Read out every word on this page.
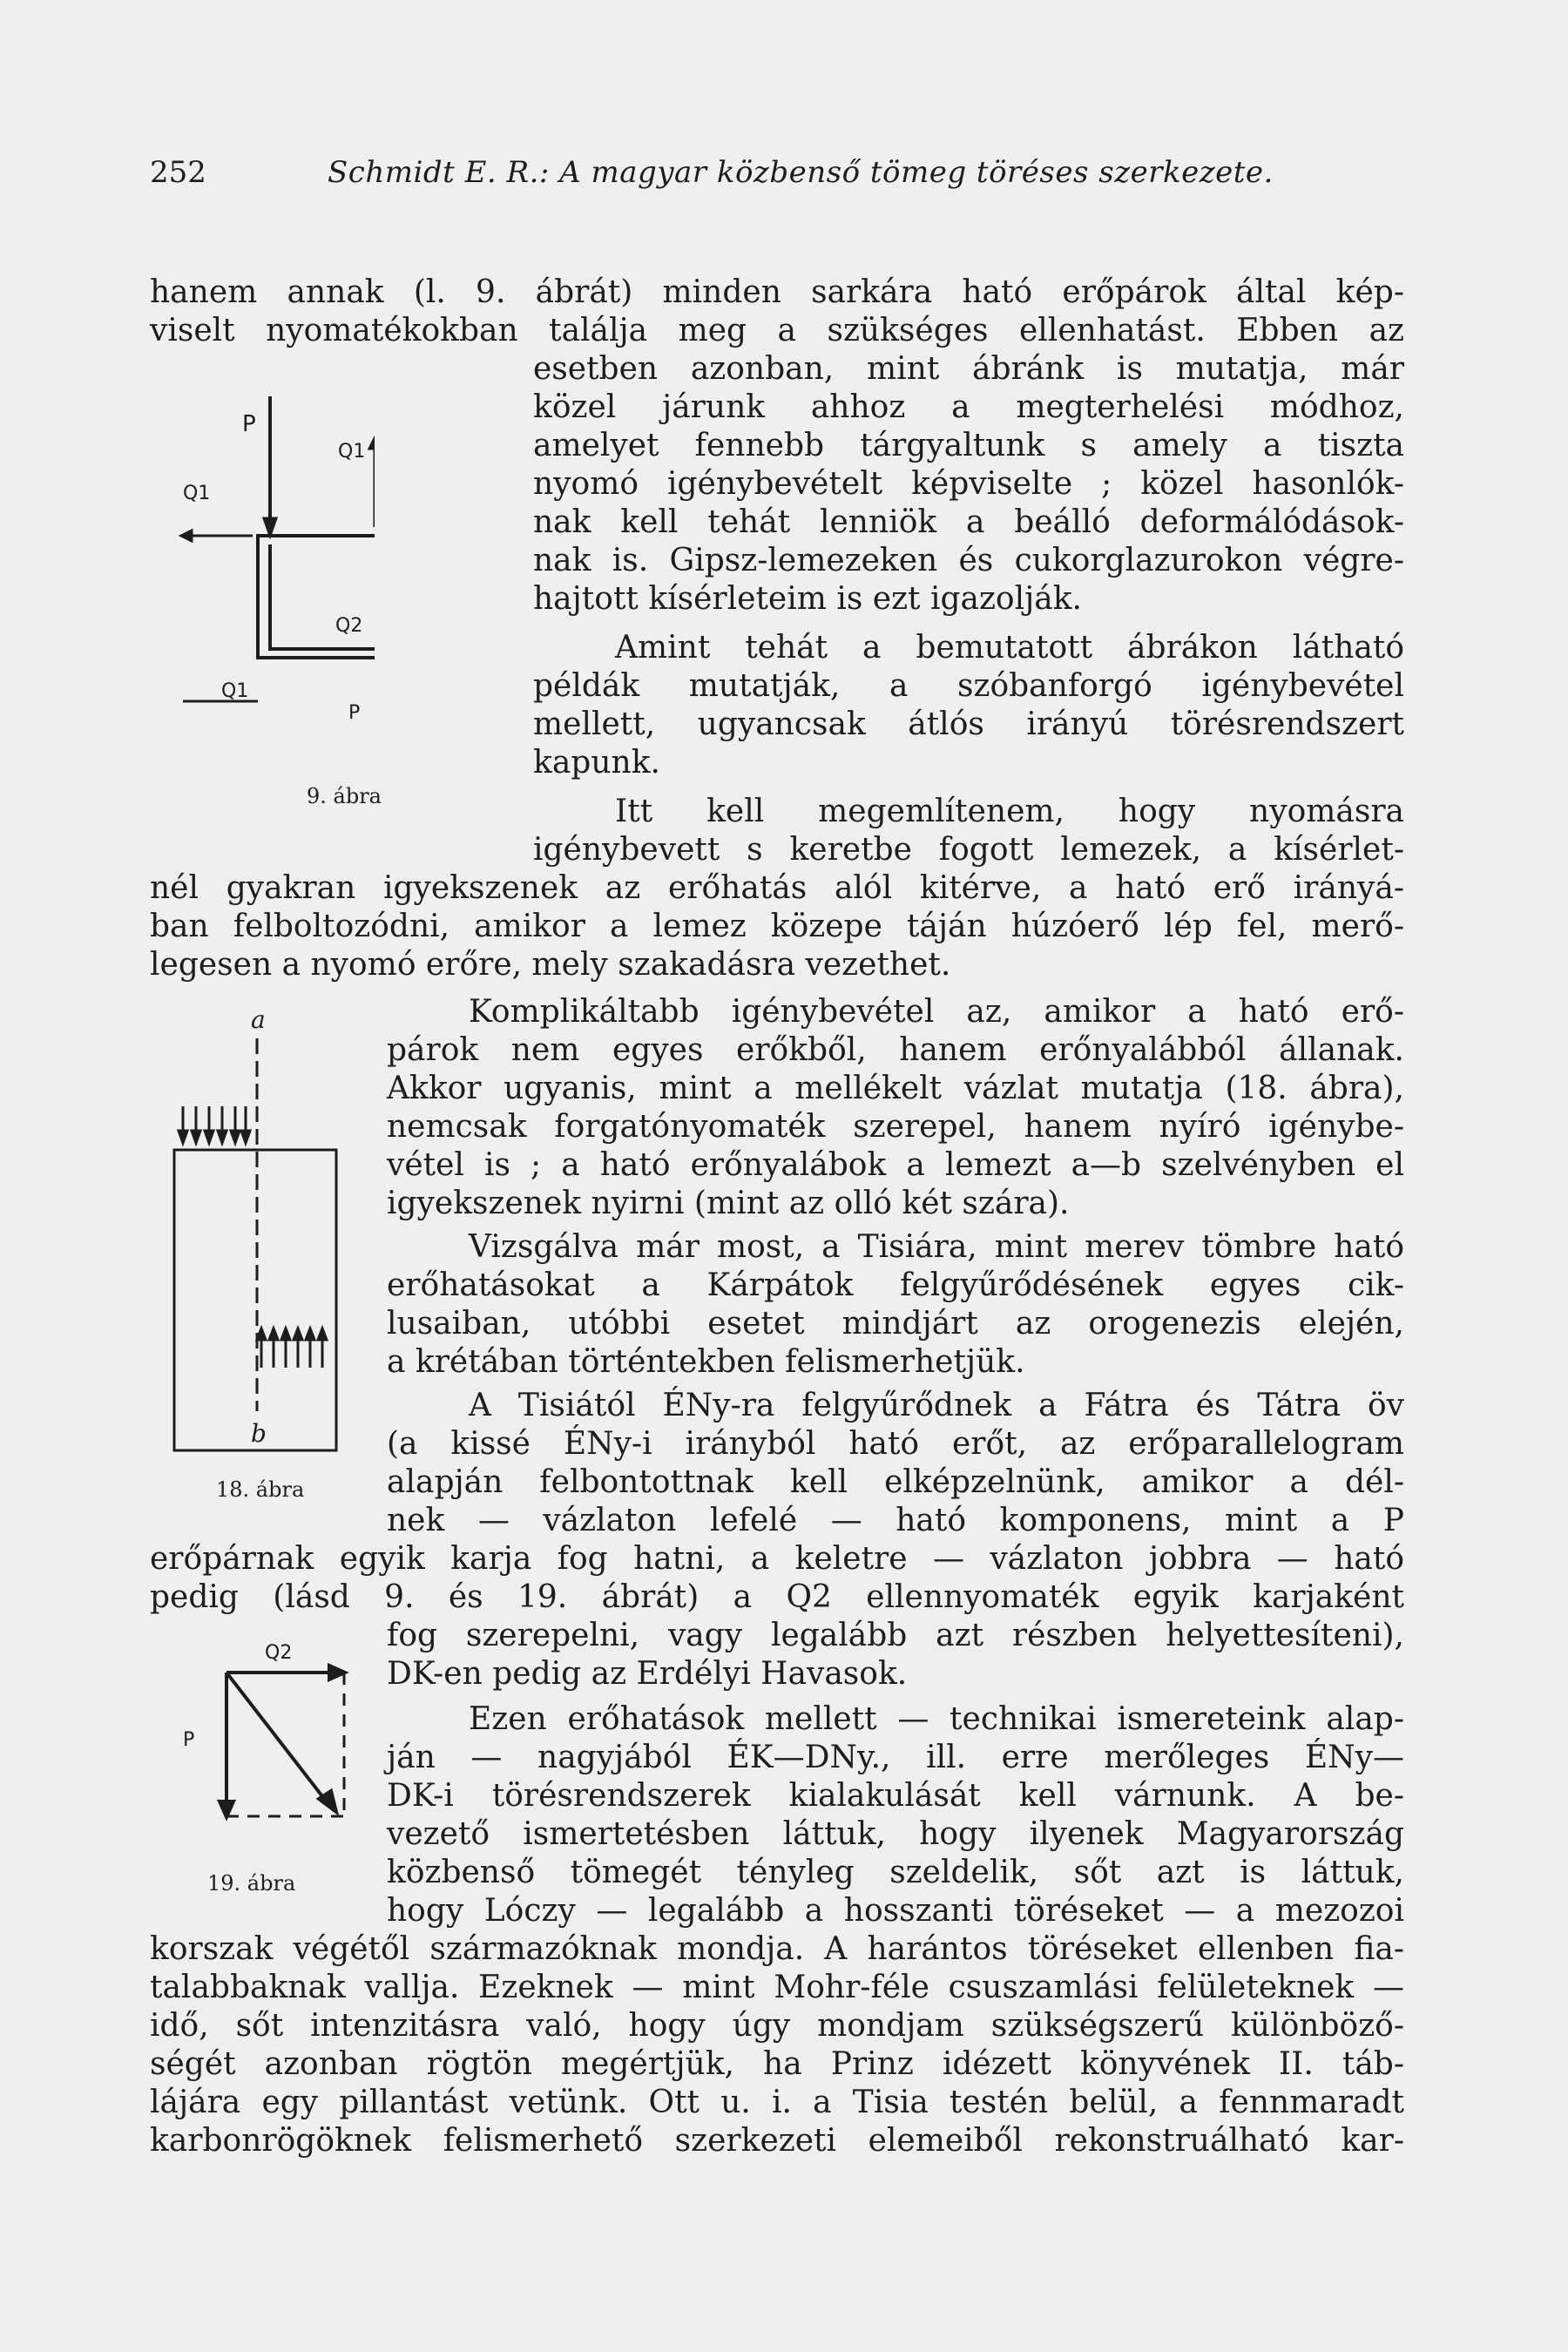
252	Schmidt E. R.: A magyar közbenső tömeg töréses szerkezete.
P
Q1
Q1
Q2
Q1
P
9. ábra
a
b
18. ábra
Q2
P
19. ábra
hanem annak (l. 9. ábrát) minden sarkára ható erőpárok által kép-
viselt nyomatékokban találja meg a szükséges ellenhatást. Ebben az
esetben azonban, mint ábránk is mutatja, már
közel járunk ahhoz a megterhelési módhoz,
amelyet fennebb tárgyaltunk s amely a tiszta
nyomó igénybevételt képviselte ; közel hasonlók-
nak kell tehát lenniök a beálló deformálódások-
nak is. Gipsz-lemezeken és cukorglazurokon végre-
hajtott kísérleteim is ezt igazolják.
Amint tehát a bemutatott ábrákon látható
példák mutatják, a szóbanforgó igénybevétel
mellett, ugyancsak átlós irányú törésrendszert
kapunk.
Itt kell megemlítenem, hogy nyomásra
igénybevett s keretbe fogott lemezek, a kísérlet-
nél gyakran igyekszenek az erőhatás alól kitérve, a ható erő irányá-
ban felboltozódni, amikor a lemez közepe táján húzóerő lép fel, merő-
legesen a nyomó erőre, mely szakadásra vezethet.
Komplikáltabb igénybevétel az, amikor a ható erő-
párok nem egyes erőkből, hanem erőnyalábból állanak.
Akkor ugyanis, mint a mellékelt vázlat mutatja (18. ábra),
nemcsak forgatónyomaték szerepel, hanem nyíró igénybe-
vétel is ; a ható erőnyalábok a lemezt a—b szelvényben el
igyekszenek nyirni (mint az olló két szára).
Vizsgálva már most, a Tisiára, mint merev tömbre ható
erőhatásokat a Kárpátok felgyűrődésének egyes cik-
lusaiban, utóbbi esetet mindjárt az orogenezis elején,
a krétában történtekben felismerhetjük.
A Tisiától ÉNy-ra felgyűrődnek a Fátra és Tátra öv
(a kissé ÉNy-i irányból ható erőt, az erőparallelogram
alapján felbontottnak kell elképzelnünk, amikor a dél-
nek — vázlaton lefelé — ható komponens, mint a P
erőpárnak egyik karja fog hatni, a keletre — vázlaton jobbra — ható
pedig (lásd 9. és 19. ábrát) a Q2 ellennyomaték egyik karjaként
fog szerepelni, vagy legalább azt részben helyettesíteni),
DK-en pedig az Erdélyi Havasok.
Ezen erőhatások mellett — technikai ismereteink alap-
ján — nagyjából ÉK—DNy., ill. erre merőleges ÉNy—
DK-i törésrendszerek kialakulását kell várnunk. A be-
vezető ismertetésben láttuk, hogy ilyenek Magyarország
közbenső tömegét tényleg szeldelik, sőt azt is láttuk,
hogy Lóczy — legalább a hosszanti töréseket — a mezozoi
korszak végétől származóknak mondja. A harántos töréseket ellenben fia-
talabbaknak vallja. Ezeknek — mint Mohr-féle csuszamlási felületeknek —
idő, sőt intenzitásra való, hogy úgy mondjam szükségszerű különböző-
ségét azonban rögtön megértjük, ha Prinz idézett könyvének II. táb-
lájára egy pillantást vetünk. Ott u. i. a Tisia testén belül, a fennmaradt
karbonrögöknek felismerhető szerkezeti elemeiből rekonstruálható kar-
